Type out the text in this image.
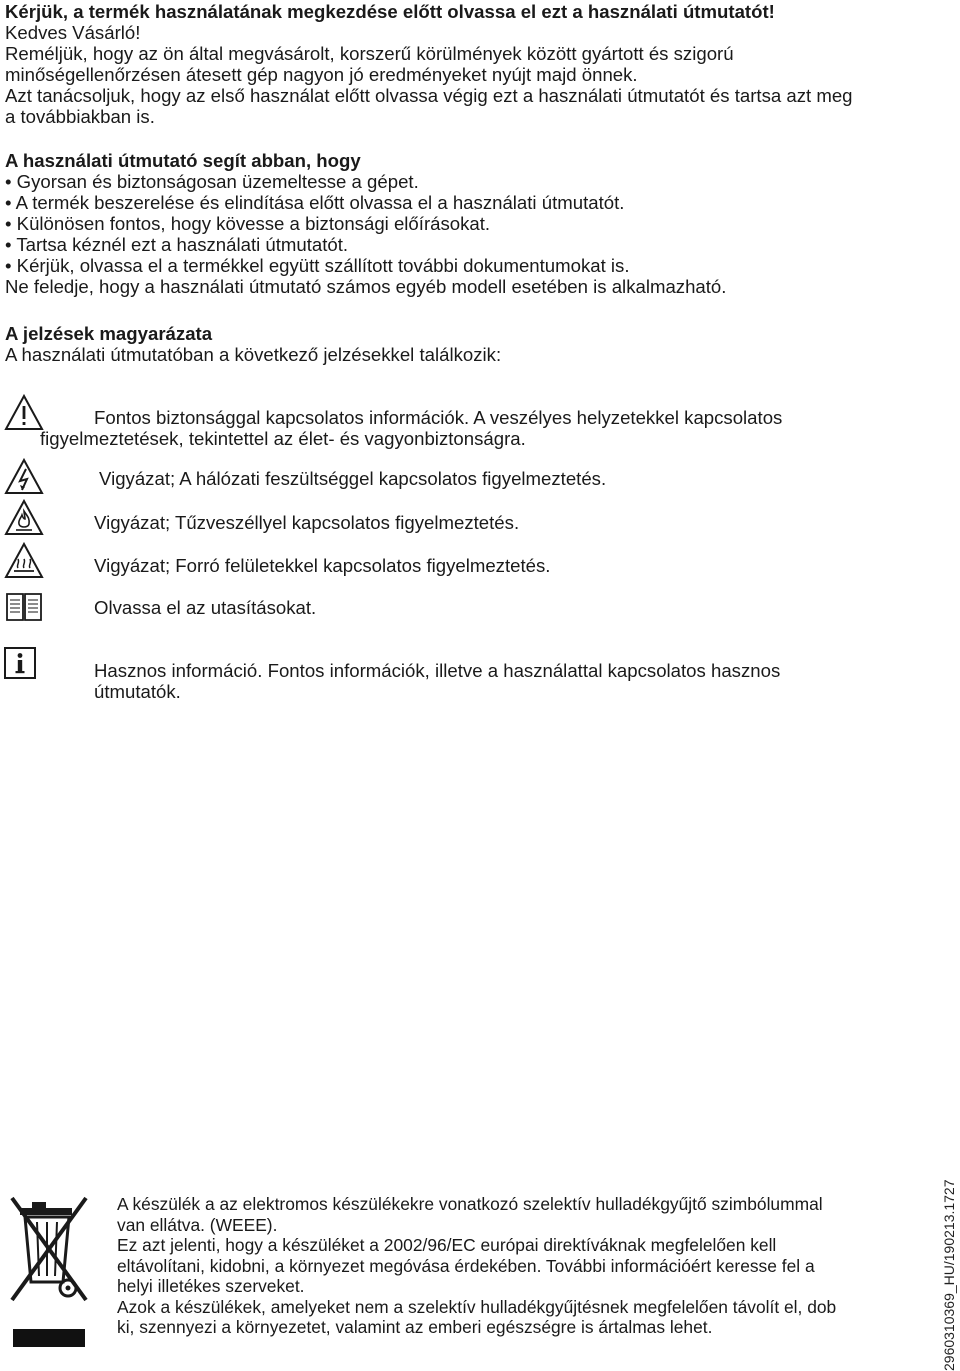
Kérjük, a termék használatának megkezdése előtt olvassa el ezt a használati útmutatót!
Kedves Vásárló!
Reméljük, hogy az ön által megvásárolt, korszerű körülmények között gyártott és szigorú
minőségellenőrzésen átesett gép nagyon jó eredményeket nyújt majd önnek.
Azt tanácsoljuk, hogy az első használat előtt olvassa végig ezt a használati útmutatót és tartsa azt meg
a továbbiakban is.
A használati útmutató segít abban, hogy
• Gyorsan és biztonságosan üzemeltesse a gépet.
• A termék beszerelése és elindítása előtt olvassa el a használati útmutatót.
• Különösen fontos, hogy kövesse a biztonsági előírásokat.
• Tartsa kéznél ezt a használati útmutatót.
• Kérjük, olvassa el a termékkel együtt szállított további dokumentumokat is.
Ne feledje, hogy a használati útmutató számos egyéb modell esetében is alkalmazható.
A jelzések magyarázata
A használati útmutatóban a következő jelzésekkel találkozik:
Fontos biztonsággal kapcsolatos információk. A veszélyes helyzetekkel kapcsolatos
figyelmeztetések, tekintettel az élet- és vagyonbiztonságra.
Vigyázat; A hálózati feszültséggel kapcsolatos figyelmeztetés.
Vigyázat; Tűzveszéllyel kapcsolatos figyelmeztetés.
Vigyázat; Forró felületekkel kapcsolatos figyelmeztetés.
Olvassa el az utasításokat.
Hasznos információ. Fontos információk, illetve a használattal kapcsolatos hasznos
útmutatók.
A készülék a az elektromos készülékekre vonatkozó szelektív hulladékgyűjtő szimbólummal
van ellátva. (WEEE).
Ez azt jelenti, hogy a készüléket a 2002/96/EC európai direktíváknak megfelelően kell
eltávolítani, kidobni, a környezet megóvása érdekében. További információért keresse fel a
helyi illetékes szerveket.
Azok a készülékek, amelyeket nem a szelektív hulladékgyűjtésnek megfelelően távolít el, dob
ki, szennyezi a környezetet, valamint az emberi egészségre is ártalmas lehet.	2960310369_HU/190213.1727
